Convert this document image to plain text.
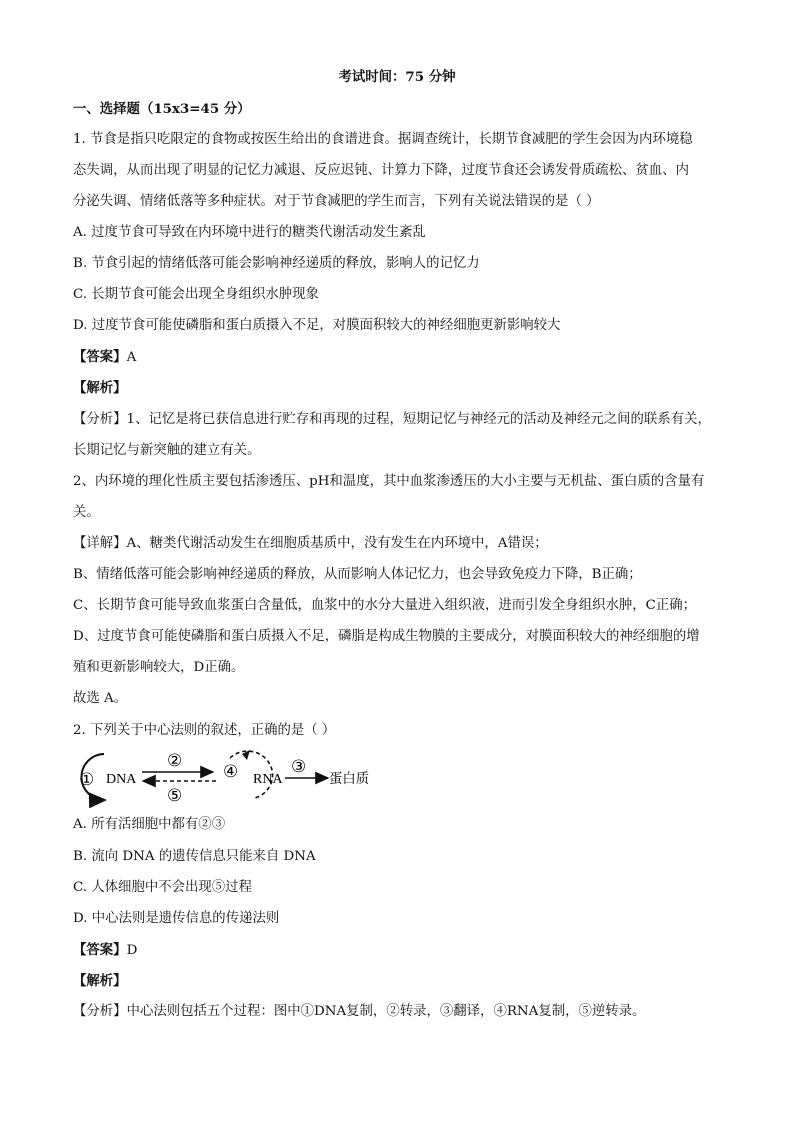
考试时间：75 分钟
一、选择题（15x3=45 分）
1. 节食是指只吃限定的食物或按医生给出的食谱进食。据调查统计，长期节食减肥的学生会因为内环境稳
态失调，从而出现了明显的记忆力减退、反应迟钝、计算力下降，过度节食还会诱发骨质疏松、贫血、内
分泌失调、情绪低落等多种症状。对于节食减肥的学生而言，下列有关说法错误的是（ ）
A. 过度节食可导致在内环境中进行的糖类代谢活动发生紊乱
B. 节食引起的情绪低落可能会影响神经递质的释放，影响人的记忆力
C. 长期节食可能会出现全身组织水肿现象
D. 过度节食可能使磷脂和蛋白质摄入不足，对膜面积较大的神经细胞更新影响较大
【答案】A
【解析】
【分析】1、记忆是将已获信息进行贮存和再现的过程，短期记忆与神经元的活动及神经元之间的联系有关，
长期记忆与新突触的建立有关。
2、内环境的理化性质主要包括渗透压、pH和温度，其中血浆渗透压的大小主要与无机盐、蛋白质的含量有
关。
【详解】A、糖类代谢活动发生在细胞质基质中，没有发生在内环境中，A错误；
B、情绪低落可能会影响神经递质的释放，从而影响人体记忆力，也会导致免疫力下降，B正确；
C、长期节食可能导致血浆蛋白含量低，血浆中的水分大量进入组织液，进而引发全身组织水肿，C正确；
D、过度节食可能使磷脂和蛋白质摄入不足，磷脂是构成生物膜的主要成分，对膜面积较大的神经细胞的增
殖和更新影响较大，D正确。
故选 A。
2. 下列关于中心法则的叙述，正确的是（ ）
① DNA
②
⑤
④ RNA
③
蛋白质
A. 所有活细胞中都有②③
B. 流向 DNA 的遗传信息只能来自 DNA
C. 人体细胞中不会出现⑤过程
D. 中心法则是遗传信息的传递法则
【答案】D
【解析】
【分析】中心法则包括五个过程：图中①DNA复制，②转录，③翻译，④RNA复制，⑤逆转录。
